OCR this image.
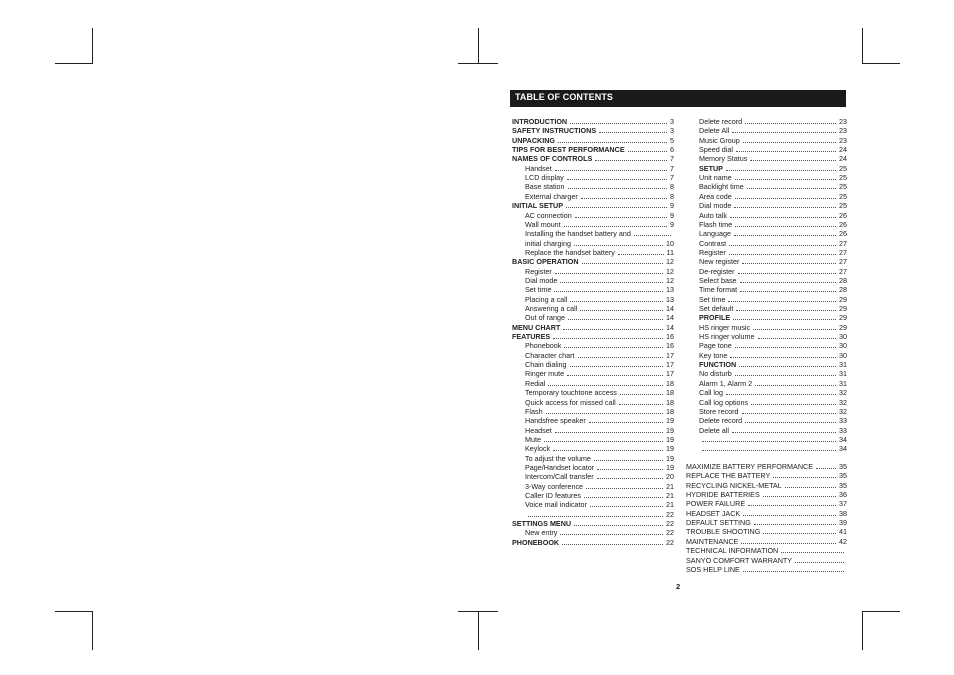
TABLE OF CONTENTS
INTRODUCTION	3
SAFETY INSTRUCTIONS	3
UNPACKING	5
TIPS FOR BEST PERFORMANCE	6
NAMES OF CONTROLS	7
Handset	7
LCD display	7
Base station	8
External charger	8
INITIAL SETUP	9
AC connection	9
Wall mount	9
Installing the handset battery and
initial charging	10
Replace the handset battery	11
BASIC OPERATION	12
Register	12
Dial mode	12
Set time	13
Placing a call	13
Answering a call	14
Out of range	14
MENU CHART	14
FEATURES	16
Phonebook	16
Character chart	17
Chain dialing	17
Ringer mute	17
Redial	18
Temporary touchtone access	18
Quick access for missed call	18
Flash	18
Handsfree speaker	19
Headset	19
Mute	19
Keylock	19
To adjust the volume	19
Page/Handset locator	19
Intercom/Call transfer	20
3-Way conference	21
Caller ID features	21
Voice mail indicator	21
22
SETTINGS MENU	22
New entry	22
PHONEBOOK	22
Delete record	23
Delete All	23
Music Group	23
Speed dial	24
Memory Status	24
SETUP	25
Unit name	25
Backlight time	25
Area code	25
Dial mode	25
Auto talk	26
Flash time	26
Language	26
Contrast	27
Register	27
New register	27
De-register	27
Select base	28
Time format	28
Set time	29
Set default	29
PROFILE	29
HS ringer music	29
HS ringer volume	30
Page tone	30
Key tone	30
FUNCTION	31
No disturb	31
Alarm 1, Alarm 2	31
Call log	32
Call log options	32
Store record	32
Delete record	33
Delete all	33
34
34
MAXIMIZE BATTERY PERFORMANCE	35
REPLACE THE BATTERY	35
RECYCLING NICKEL-METAL	35
HYDRIDE BATTERIES	36
POWER FAILURE	37
HEADSET JACK	38
DEFAULT SETTING	39
TROUBLE SHOOTING	41
MAINTENANCE	42
TECHNICAL INFORMATION
SANYO COMFORT WARRANTY
SOS HELP LINE
2
